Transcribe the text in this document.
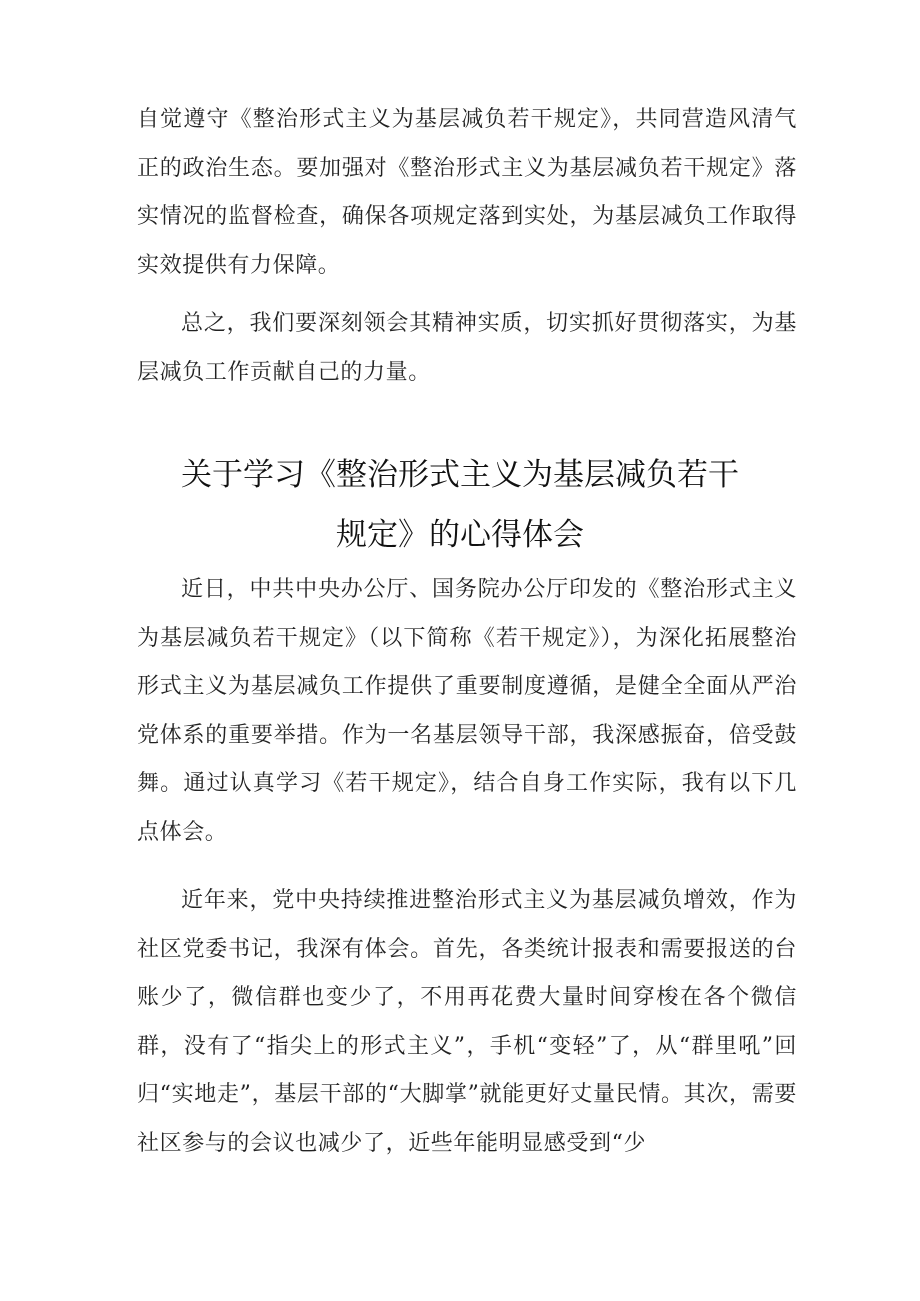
自觉遵守《整治形式主义为基层减负若干规定》，共同营造风清气正的政治生态。要加强对《整治形式主义为基层减负若干规定》落实情况的监督检查，确保各项规定落到实处，为基层减负工作取得实效提供有力保障。

总之，我们要深刻领会其精神实质，切实抓好贯彻落实，为基层减负工作贡献自己的力量。

关于学习《整治形式主义为基层减负若干
规定》的心得体会

近日，中共中央办公厅、国务院办公厅印发的《整治形式主义为基层减负若干规定》（以下简称《若干规定》），为深化拓展整治形式主义为基层减负工作提供了重要制度遵循，是健全全面从严治党体系的重要举措。作为一名基层领导干部，我深感振奋，倍受鼓舞。通过认真学习《若干规定》，结合自身工作实际，我有以下几点体会。

近年来，党中央持续推进整治形式主义为基层减负增效，作为社区党委书记，我深有体会。首先，各类统计报表和需要报送的台账少了，微信群也变少了，不用再花费大量时间穿梭在各个微信群，没有了“指尖上的形式主义”，手机“变轻”了，从“群里吼”回归“实地走”，基层干部的“大脚掌”就能更好丈量民情。其次，需要社区参与的会议也减少了，近些年能明显感受到“少
